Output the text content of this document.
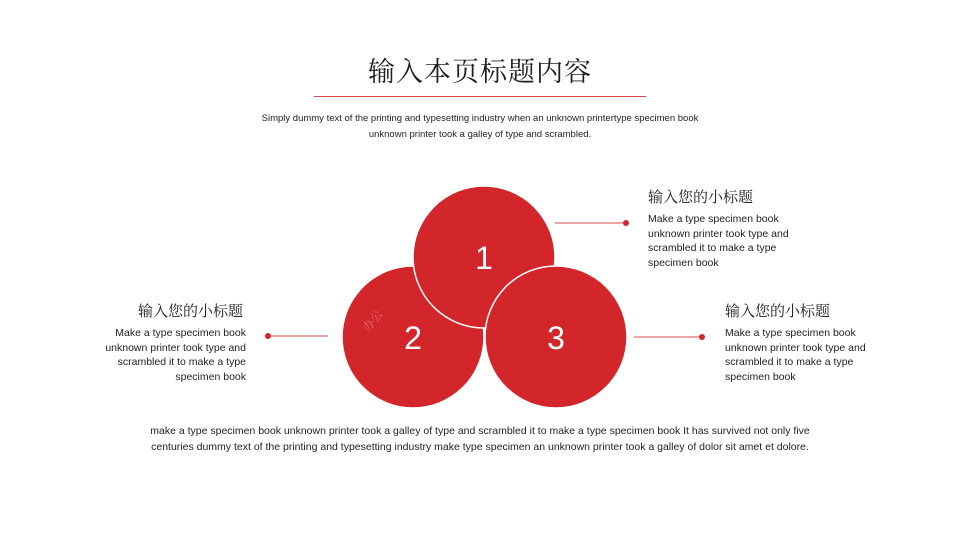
输入本页标题内容
Simply dummy text of the printing and typesetting industry when an unknown printertype specimen book
unknown printer took a galley of type and scrambled.
办公
1
2	3
输入您的小标题
Make a type specimen book
unknown printer took type and
scrambled it to make a type
specimen book
输入您的小标题
Make a type specimen book
unknown printer took type and
scrambled it to make a type
specimen book
输入您的小标题
Make a type specimen book
unknown printer took type and
scrambled it to make a type
specimen book
make a type specimen book unknown printer took a galley of type and scrambled it to make a type specimen book It has survived not only five
centuries dummy text of the printing and typesetting industry make type specimen an unknown printer took a galley of dolor sit amet et dolore.
